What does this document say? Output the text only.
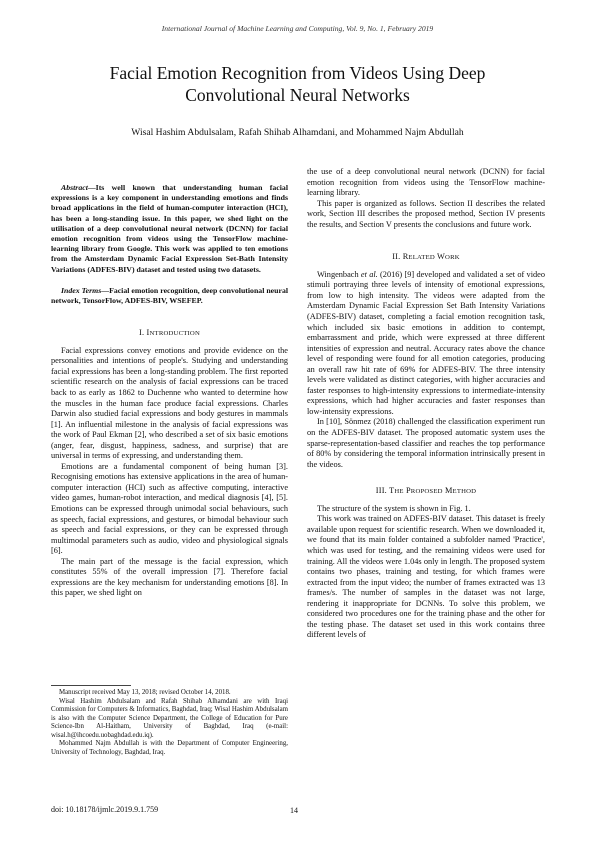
International Journal of Machine Learning and Computing, Vol. 9, No. 1, February 2019
Facial Emotion Recognition from Videos Using Deep
Convolutional Neural Networks
Wisal Hashim Abdulsalam, Rafah Shihab Alhamdani, and Mohammed Najm Abdullah

Abstract—Its well known that understanding human facial expressions is a key component in understanding emotions and finds broad applications in the field of human-computer interaction (HCI), has been a long-standing issue. In this paper, we shed light on the utilisation of a deep convolutional neural network (DCNN) for facial emotion recognition from videos using the TensorFlow machine-learning library from Google. This work was applied to ten emotions from the Amsterdam Dynamic Facial Expression Set-Bath Intensity Variations (ADFES-BIV) dataset and tested using two datasets.

Index Terms—Facial emotion recognition, deep convolutional neural network, TensorFlow, ADFES-BIV, WSEFEP.

I. INTRODUCTION

Facial expressions convey emotions and provide evidence on the personalities and intentions of people's. Studying and understanding facial expressions has been a long-standing problem. The first reported scientific research on the analysis of facial expressions can be traced back to as early as 1862 to Duchenne who wanted to determine how the muscles in the human face produce facial expressions. Charles Darwin also studied facial expressions and body gestures in mammals [1]. An influential milestone in the analysis of facial expressions was the work of Paul Ekman [2], who described a set of six basic emotions (anger, fear, disgust, happiness, sadness, and surprise) that are universal in terms of expressing, and understanding them.

Emotions are a fundamental component of being human [3]. Recognising emotions has extensive applications in the area of human-computer interaction (HCI) such as affective computing, interactive video games, human-robot interaction, and medical diagnosis [4], [5]. Emotions can be expressed through unimodal social behaviours, such as speech, facial expressions, and gestures, or bimodal behaviour such as speech and facial expressions, or they can be expressed through multimodal parameters such as audio, video and physiological signals [6].

The main part of the message is the facial expression, which constitutes 55% of the overall impression [7]. Therefore facial expressions are the key mechanism for understanding emotions [8]. In this paper, we shed light on

Manuscript received May 13, 2018; revised October 14, 2018.

Wisal Hashim Abdulsalam and Rafah Shihab Alhamdani are with Iraqi Commission for Computers & Informatics, Baghdad, Iraq; Wisal Hashim Abdulsalam is also with the Computer Science Department, the College of Education for Pure Science-Ibn Al-Haitham, University of Baghdad, Iraq (e-mail: wisal.h@ihcoedu.uobaghdad.edu.iq).

Mohammed Najm Abdullah is with the Department of Computer Engineering, University of Technology, Baghdad, Iraq.

the use of a deep convolutional neural network (DCNN) for facial emotion recognition from videos using the TensorFlow machine- learning library.

This paper is organized as follows. Section II describes the related work, Section III describes the proposed method, Section IV presents the results, and Section V presents the conclusions and future work.

II. RELATED WORK

Wingenbach et al. (2016) [9] developed and validated a set of video stimuli portraying three levels of intensity of emotional expressions, from low to high intensity. The videos were adapted from the Amsterdam Dynamic Facial Expression Set Bath Intensity Variations (ADFES-BIV) dataset, completing a facial emotion recognition task, which included six basic emotions in addition to contempt, embarrassment and pride, which were expressed at three different intensities of expression and neutral. Accuracy rates above the chance level of responding were found for all emotion categories, producing an overall raw hit rate of 69% for ADFES-BIV. The three intensity levels were validated as distinct categories, with higher accuracies and faster responses to high-intensity expressions to intermediate-intensity expressions, which had higher accuracies and faster responses than low-intensity expressions.

In [10], Sönmez (2018) challenged the classification experiment run on the ADFES-BIV dataset. The proposed automatic system uses the sparse-representation-based classifier and reaches the top performance of 80% by considering the temporal information intrinsically present in the videos.

III. THE PROPOSED METHOD

The structure of the system is shown in Fig. 1.

This work was trained on ADFES-BIV dataset. This dataset is freely available upon request for scientific research. When we downloaded it, we found that its main folder contained a subfolder named 'Practice', which was used for testing, and the remaining videos were used for training. All the videos were 1.04s only in length. The proposed system contains two phases, training and testing, for which frames were extracted from the input video; the number of frames extracted was 13 frames/s. The number of samples in the dataset was not large, rendering it inappropriate for DCNNs. To solve this problem, we considered two procedures one for the training phase and the other for the testing phase. The dataset set used in this work contains three different levels of

doi: 10.18178/ijmlc.2019.9.1.759	14
